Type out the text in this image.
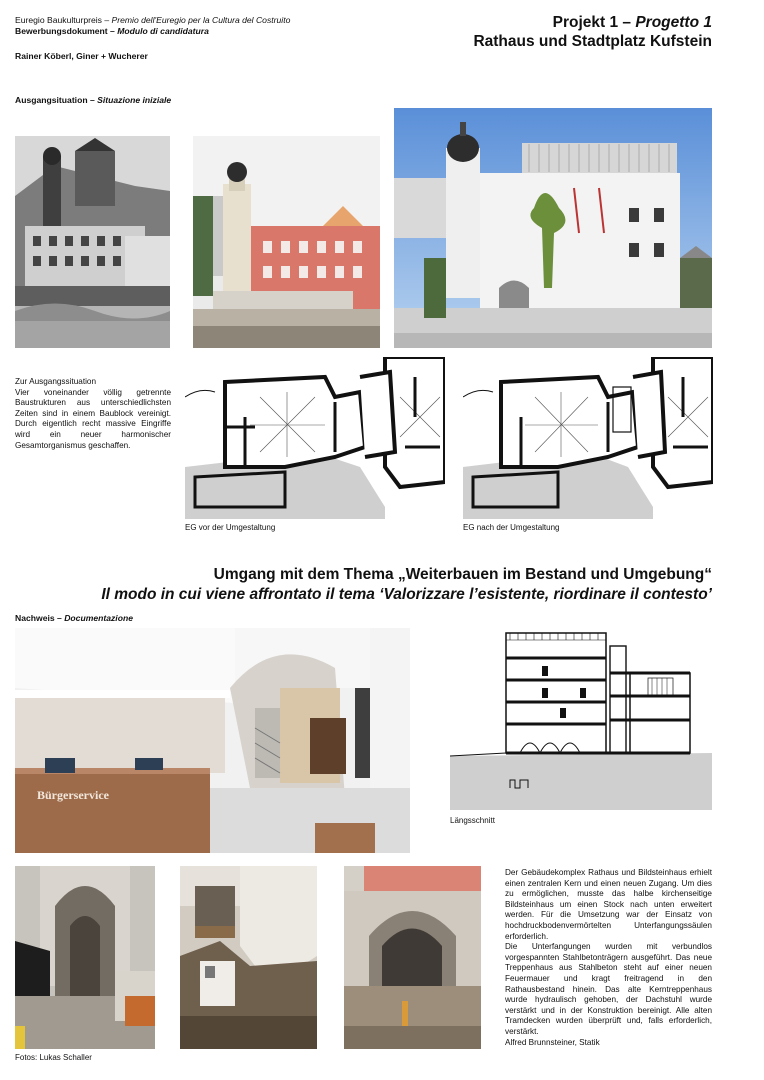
Euregio Baukulturpreis – Premio dell'Euregio per la Cultura del Costruito
Bewerbungsdokument – Modulo di candidatura
Rainer Köberl, Giner + Wucherer
Projekt 1 – Progetto 1
Rathaus und Stadtplatz Kufstein
Ausgangsituation – Situazione iniziale
Zur Ausgangssituation
Vier voneinander völlig getrennte Baustrukturen aus unterschiedlichsten Zeiten sind in einem Baublock vereinigt. Durch eigentlich recht massive Eingriffe wird ein neuer harmonischer Gesamtorganismus geschaffen.
EG vor der Umgestaltung	EG nach der Umgestaltung
Umgang mit dem Thema „Weiterbauen im Bestand und Umgebung“
Il modo in cui viene affrontato il tema ‘Valorizzare l’esistente, riordinare il contesto’
Nachweis – Documentazione
Bürgerservice
Längsschnitt
Fotos: Lukas Schaller

Der Gebäudekomplex Rathaus und Bildsteinhaus erhielt einen zentralen Kern und einen neuen Zugang. Um dies zu ermöglichen, musste das halbe kirchenseitige Bildsteinhaus um einen Stock nach unten erweitert werden. Für die Umsetzung war der Einsatz von hochdruckbodenvermörtelten Unterfangungssäulen erforderlich.

Die Unterfangungen wurden mit verbundlos vorgespannten Stahlbetonträgern ausgeführt. Das neue Treppenhaus aus Stahlbeton steht auf einer neuen Feuermauer und kragt freitragend in den Rathausbestand hinein. Das alte Kerntreppenhaus wurde hydraulisch gehoben, der Dachstuhl wurde verstärkt und in der Konstruktion bereinigt. Alle alten Tramdecken wurden überprüft und, falls erforderlich, verstärkt.

Alfred Brunnsteiner, Statik
